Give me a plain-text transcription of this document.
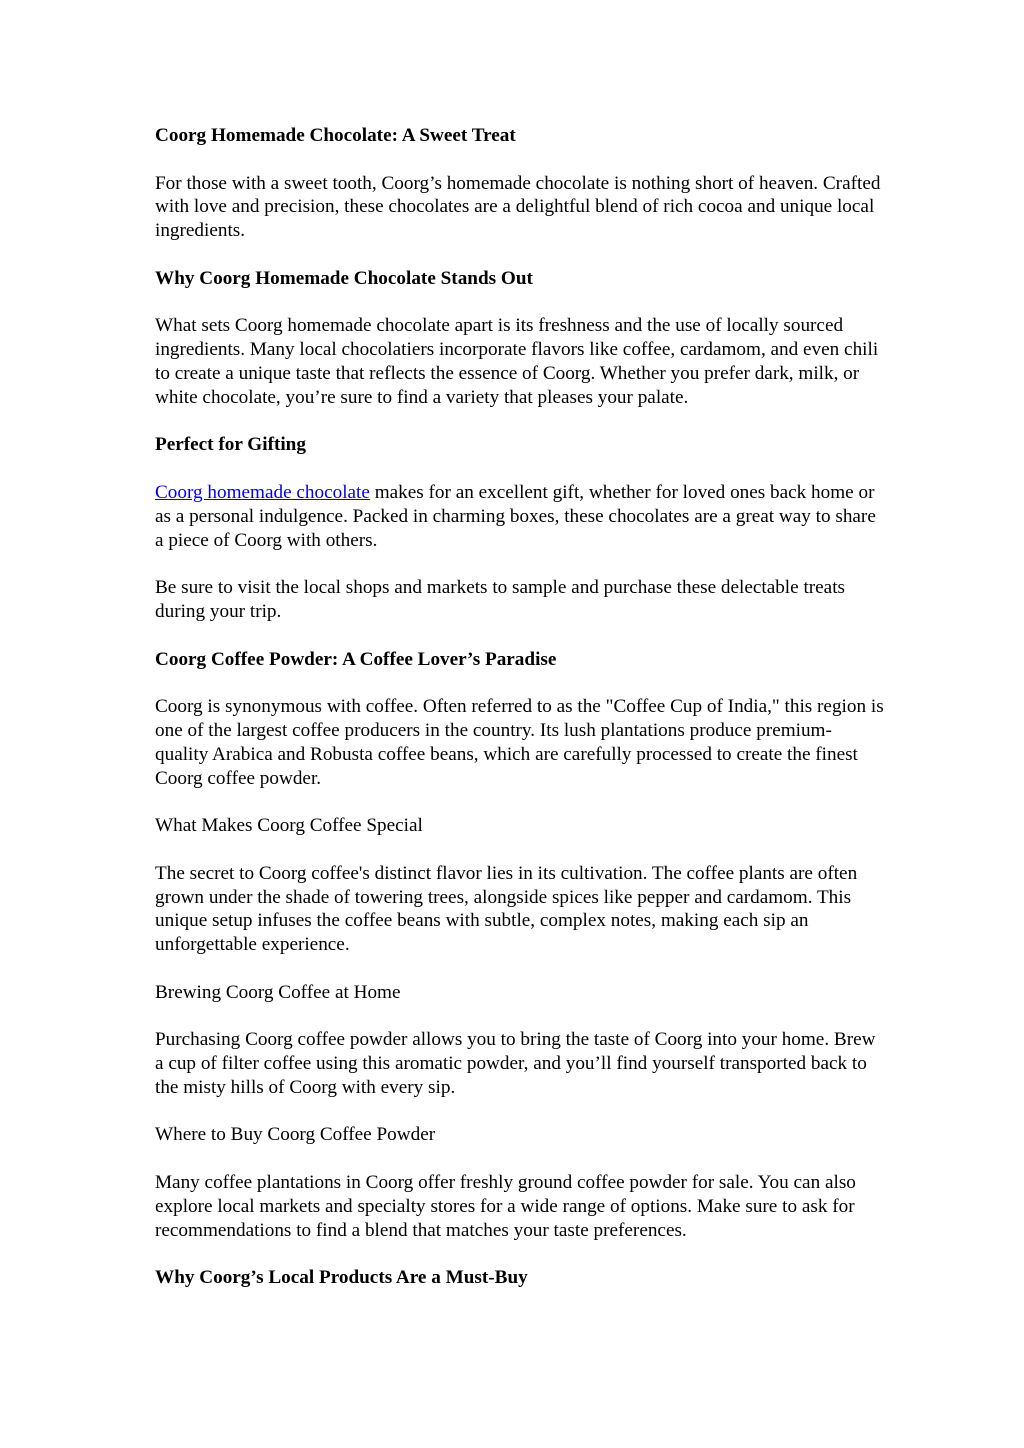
Coorg Homemade Chocolate: A Sweet Treat

For those with a sweet tooth, Coorg’s homemade chocolate is nothing short of heaven. Crafted with love and precision, these chocolates are a delightful blend of rich cocoa and unique local ingredients.

Why Coorg Homemade Chocolate Stands Out

What sets Coorg homemade chocolate apart is its freshness and the use of locally sourced ingredients. Many local chocolatiers incorporate flavors like coffee, cardamom, and even chili to create a unique taste that reflects the essence of Coorg. Whether you prefer dark, milk, or white chocolate, you’re sure to find a variety that pleases your palate.

Perfect for Gifting

Coorg homemade chocolate makes for an excellent gift, whether for loved ones back home or as a personal indulgence. Packed in charming boxes, these chocolates are a great way to share a piece of Coorg with others.

Be sure to visit the local shops and markets to sample and purchase these delectable treats during your trip.

Coorg Coffee Powder: A Coffee Lover’s Paradise

Coorg is synonymous with coffee. Often referred to as the "Coffee Cup of India," this region is one of the largest coffee producers in the country. Its lush plantations produce premium-quality Arabica and Robusta coffee beans, which are carefully processed to create the finest Coorg coffee powder.

What Makes Coorg Coffee Special

The secret to Coorg coffee's distinct flavor lies in its cultivation. The coffee plants are often grown under the shade of towering trees, alongside spices like pepper and cardamom. This unique setup infuses the coffee beans with subtle, complex notes, making each sip an unforgettable experience.

Brewing Coorg Coffee at Home

Purchasing Coorg coffee powder allows you to bring the taste of Coorg into your home. Brew a cup of filter coffee using this aromatic powder, and you’ll find yourself transported back to the misty hills of Coorg with every sip.

Where to Buy Coorg Coffee Powder

Many coffee plantations in Coorg offer freshly ground coffee powder for sale. You can also explore local markets and specialty stores for a wide range of options. Make sure to ask for recommendations to find a blend that matches your taste preferences.

Why Coorg’s Local Products Are a Must-Buy
